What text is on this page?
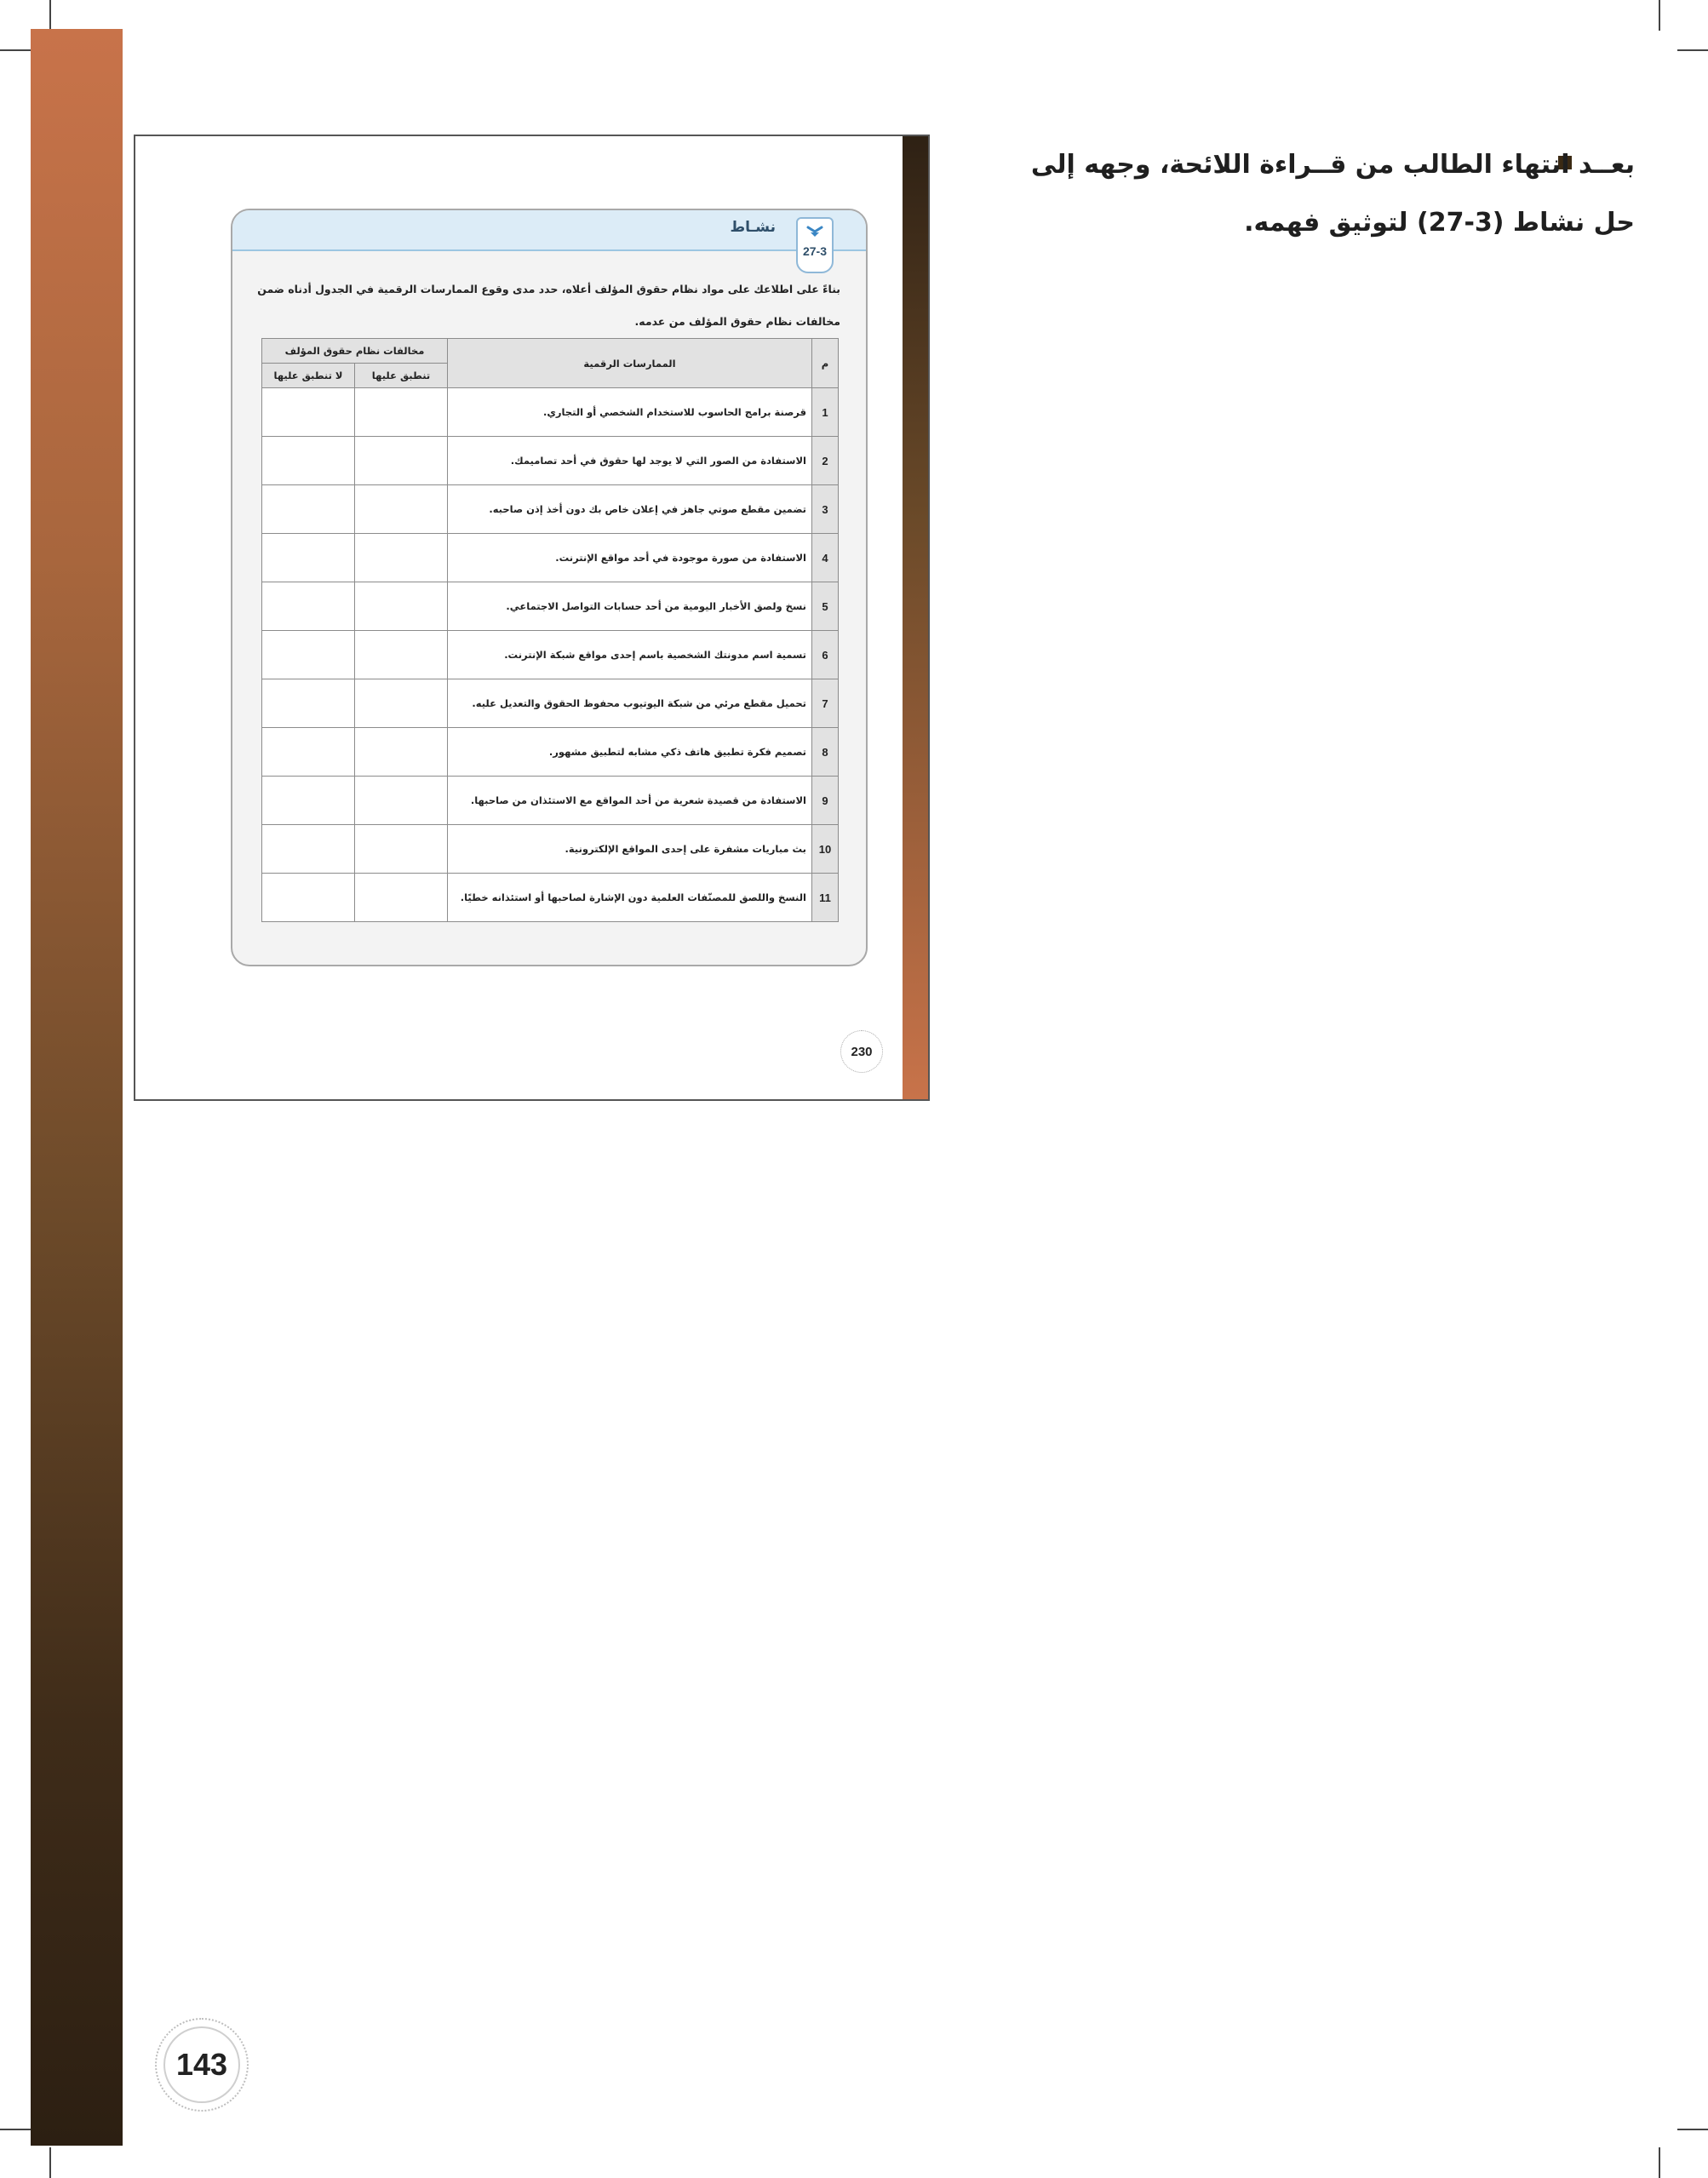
بعــد انتهاء الطالب من قــراءة اللائحة، وجهه إلى
حل نشاط (3-27) لتوثيق فهمه.
نشـاط
27-3
بناءً على اطلاعك على مواد نظام حقوق المؤلف أعلاه، حدد مدى وقوع الممارسات الرقمية في الجدول أدناه ضمن مخالفات نظام حقوق المؤلف من عدمه.
م	الممارسات الرقمية	مخالفات نظام حقوق المؤلف	
		تنطبق عليها	لا تنطبق عليها
1	قرصنة برامج الحاسوب للاستخدام الشخصي أو التجاري.		
2	الاستفادة من الصور التي لا يوجد لها حقوق في أحد تصاميمك.		
3	تضمين مقطع صوتي جاهز في إعلان خاص بك دون أخذ إذن صاحبه.		
4	الاستفادة من صورة موجودة في أحد مواقع الإنترنت.		
5	نسخ ولصق الأخبار اليومية من أحد حسابات التواصل الاجتماعي.		
6	تسمية اسم مدونتك الشخصية باسم إحدى مواقع شبكة الإنترنت.		
7	تحميل مقطع مرئي من شبكة اليوتيوب محفوظ الحقوق والتعديل عليه.		
8	تصميم فكرة تطبيق هاتف ذكي مشابه لتطبيق مشهور.		
9	الاستفادة من قصيدة شعرية من أحد المواقع مع الاستئذان من صاحبها.		
10	بث مباريات مشفرة على إحدى المواقع الإلكترونية.		
11	النسخ واللصق للمصنّفات العلمية دون الإشارة لصاحبها أو استئذانه خطيًا.		
230
143
